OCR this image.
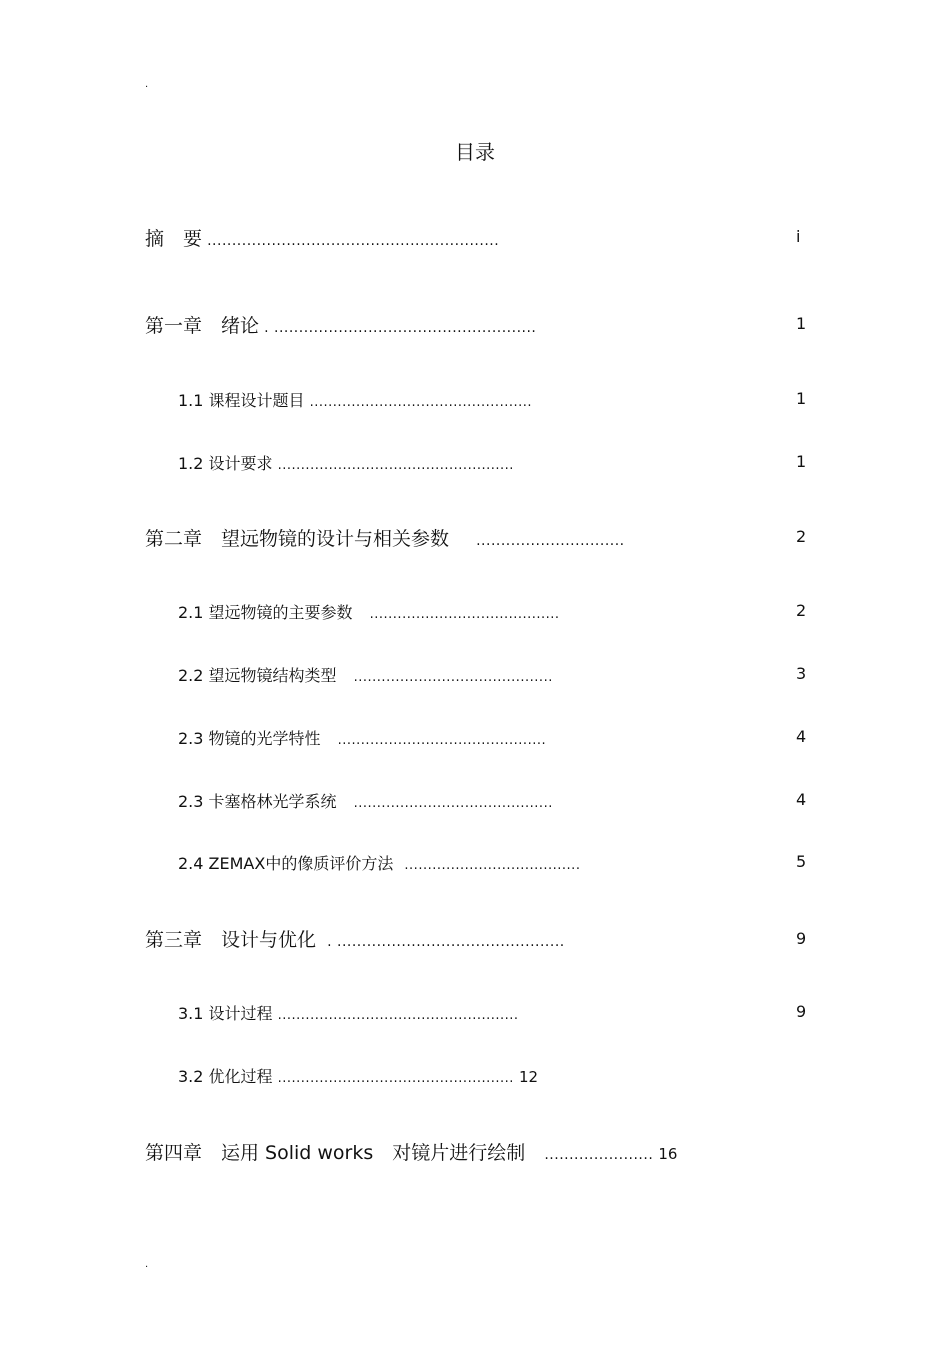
.
目录
摘　要 ...........................................................	i
第一章　绪论 . .....................................................	1
1.1 课程设计题目 ................................................	1
1.2 设计要求 ...................................................	1
第二章　望远物镜的设计与相关参数 ..............................	2
2.1 望远物镜的主要参数 .........................................	2
2.2 望远物镜结构类型 ...........................................	3
2.3 物镜的光学特性 .............................................	4
2.3 卡塞格林光学系统 ...........................................	4
2.4 ZEMAX中的像质评价方法 ......................................	5
第三章　设计与优化 . ..............................................	9
3.1 设计过程 ....................................................	9
3.2 优化过程 ................................................... 12
第四章　运用 Solid works　对镜片进行绘制 ...................... 16
.
